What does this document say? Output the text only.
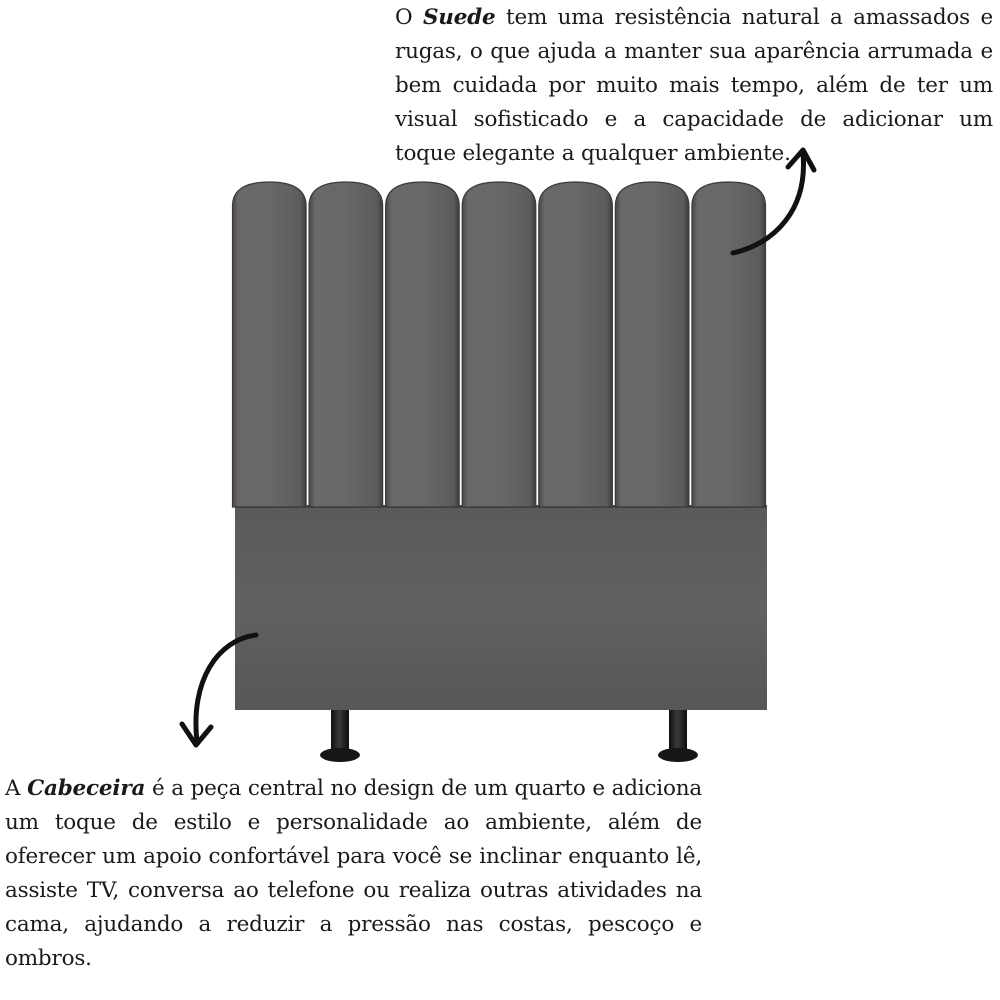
O Suede tem uma resistência natural a amassados e rugas, o que ajuda a manter sua aparência arrumada e bem cuidada por muito mais tempo, além de ter um visual sofisticado e a capacidade de adicionar um toque elegante a qualquer ambiente.

A Cabeceira é a peça central no design de um quarto e adiciona um toque de estilo e personalidade ao ambiente, além de oferecer um apoio confortável para você se inclinar enquanto lê, assiste TV, conversa ao telefone ou realiza outras atividades na cama, ajudando a reduzir a pressão nas costas, pescoço e ombros.
